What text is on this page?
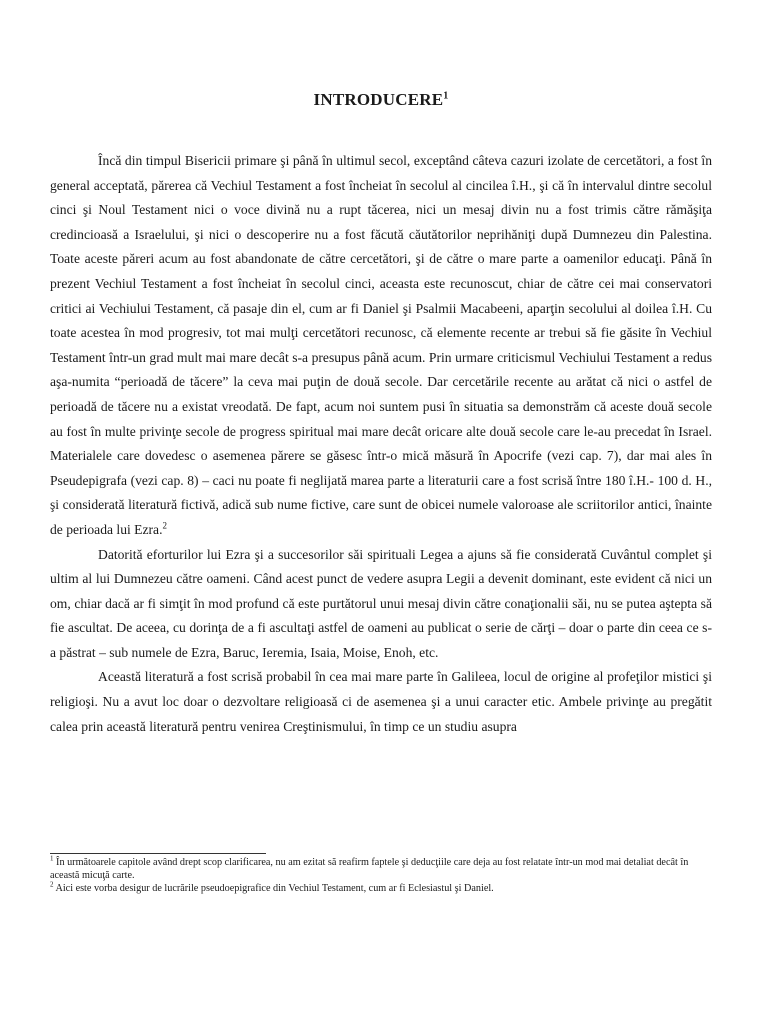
INTRODUCERE$^1$

Încă din timpul Bisericii primare şi până în ultimul secol, exceptând câteva cazuri izolate de cercetători, a fost în general acceptată, părerea că Vechiul Testament a fost încheiat în secolul al cincilea î.H., şi că în intervalul dintre secolul cinci şi Noul Testament nici o voce divină nu a rupt tăcerea, nici un mesaj divin nu a fost trimis către rămăşiţa credincioasă a Israelului, şi nici o descoperire nu a fost făcută căutătorilor neprihăniţi după Dumnezeu din Palestina. Toate aceste păreri acum au fost abandonate de către cercetători, şi de către o mare parte a oamenilor educaţi. Până în prezent Vechiul Testament a fost încheiat în secolul cinci, aceasta este recunoscut, chiar de către cei mai conservatori critici ai Vechiului Testament, că pasaje din el, cum ar fi Daniel şi Psalmii Macabeeni, aparţin secolului al doilea î.H. Cu toate acestea în mod progresiv, tot mai mulţi cercetători recunosc, că elemente recente ar trebui să fie găsite în Vechiul Testament într-un grad mult mai mare decât s-a presupus până acum. Prin urmare criticismul Vechiului Testament a redus aşa-numita “perioadă de tăcere” la ceva mai puţin de două secole. Dar cercetările recente au arătat că nici o astfel de perioadă de tăcere nu a existat vreodată. De fapt, acum noi suntem pusi în situatia sa demonstrăm că aceste două secole au fost în multe privinţe secole de progress spiritual mai mare decât oricare alte două secole care le-au precedat în Israel. Materialele care dovedesc o asemenea părere se găsesc într-o mică măsură în Apocrife (vezi cap. 7), dar mai ales în Pseudepigrafa (vezi cap. 8) – caci nu poate fi neglijată marea parte a literaturii care a fost scrisă între 180 î.H.- 100 d. H., şi considerată literatură fictivă, adică sub nume fictive, care sunt de obicei numele valoroase ale scriitorilor antici, înainte de perioada lui Ezra.$^2$

Datorită eforturilor lui Ezra şi a succesorilor săi spirituali Legea a ajuns să fie considerată Cuvântul complet şi ultim al lui Dumnezeu către oameni. Când acest punct de vedere asupra Legii a devenit dominant, este evident că nici un om, chiar dacă ar fi simţit în mod profund că este purtătorul unui mesaj divin către conaţionalii săi, nu se putea aştepta să fie ascultat. De aceea, cu dorinţa de a fi ascultaţi astfel de oameni au publicat o serie de cărţi – doar o parte din ceea ce s-a păstrat – sub numele de Ezra, Baruc, Ieremia, Isaia, Moise, Enoh, etc.

Această literatură a fost scrisă probabil în cea mai mare parte în Galileea, locul de origine al profeţilor mistici şi religioşi. Nu a avut loc doar o dezvoltare religioasă ci de asemenea şi a unui caracter etic. Ambele privinţe au pregătit calea prin această literatură pentru venirea Creştinismului, în timp ce un studiu asupra

$^1$ În următoarele capitole având drept scop clarificarea, nu am ezitat să reafirm faptele şi deducţiile care deja au fost relatate într-un mod mai detaliat decât în această micuţă carte.

$^2$ Aici este vorba desigur de lucrările pseudoepigrafice din Vechiul Testament, cum ar fi Eclesiastul şi Daniel.
